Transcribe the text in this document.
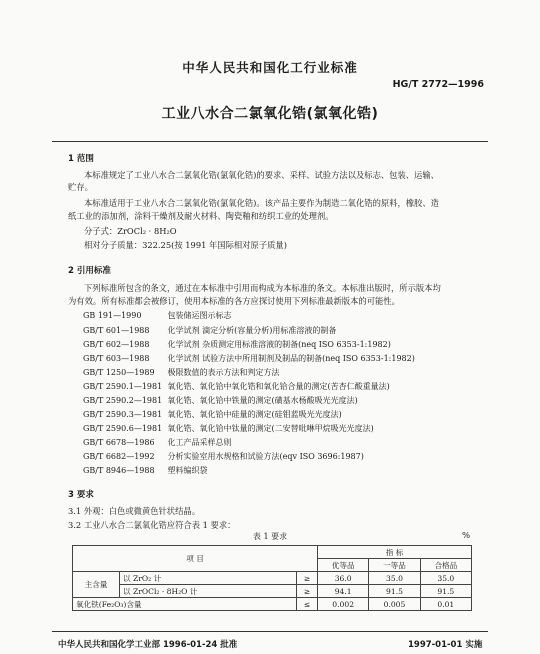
中华人民共和国化工行业标准
HG/T 2772—1996
工业八水合二氯氧化锆(氯氧化锆)
1 范围
本标准规定了工业八水合二氯氧化锆(氯氧化锆)的要求、采样、试验方法以及标志、包装、运输、
贮存。
本标准适用于工业八水合二氯氧化锆(氯氧化锆)。该产品主要作为制造二氧化锆的原料，橡胶、造
纸工业的添加剂，涂料干燥剂及耐火材料、陶瓷釉和纺织工业的处理剂。
分子式：ZrOCl₂ · 8H₂O
相对分子质量：322.25(按 1991 年国际相对原子质量)
2 引用标准
下列标准所包含的条文，通过在本标准中引用而构成为本标准的条文。本标准出版时，所示版本均
为有效。所有标准都会被修订，使用本标准的各方应探讨使用下列标准最新版本的可能性。
GB 191—1990	包装储运图示标志
GB/T 601—1988 化学试剂 滴定分析(容量分析)用标准溶液的制备
GB/T 602—1988 化学试剂 杂质测定用标准溶液的制备(neq ISO 6353-1:1982)
GB/T 603—1988 化学试剂 试验方法中所用制剂及制品的制备(neq ISO 6353-1:1982)
GB/T 1250—1989 极限数值的表示方法和判定方法
GB/T 2590.1—1981 氧化锆、氧化铪中氧化锆和氧化铪合量的测定(苦杏仁酸重量法)
GB/T 2590.2—1981 氧化锆、氧化铪中铁量的测定(磺基水杨酸吸光光度法)
GB/T 2590.3—1981 氧化锆、氧化铪中硅量的测定(硅钼蓝吸光光度法)
GB/T 2590.6—1981 氧化锆、氧化铪中钛量的测定(二安替吡啉甲烷吸光光度法)
GB/T 6678—1986 化工产品采样总则
GB/T 6682—1992 分析实验室用水规格和试验方法(eqv ISO 3696:1987)
GB/T 8946—1988 塑料编织袋
3 要求
3.1 外观：白色或微黄色针状结晶。
3.2 工业八水合二氯氧化锆应符合表 1 要求：
表 1 要求	%
项 目			指 标		
			优等品	一等品	合格品
主含量	以 ZrO₂ 计	≥	36.0	35.0	35.0
	以 ZrOCl₂ · 8H₂O 计	≥	94.1	91.5	91.5
氧化铁(Fe₂O₃)含量		≤	0.002	0.005	0.01
中华人民共和国化学工业部 1996-01-24 批准	1997-01-01 实施
